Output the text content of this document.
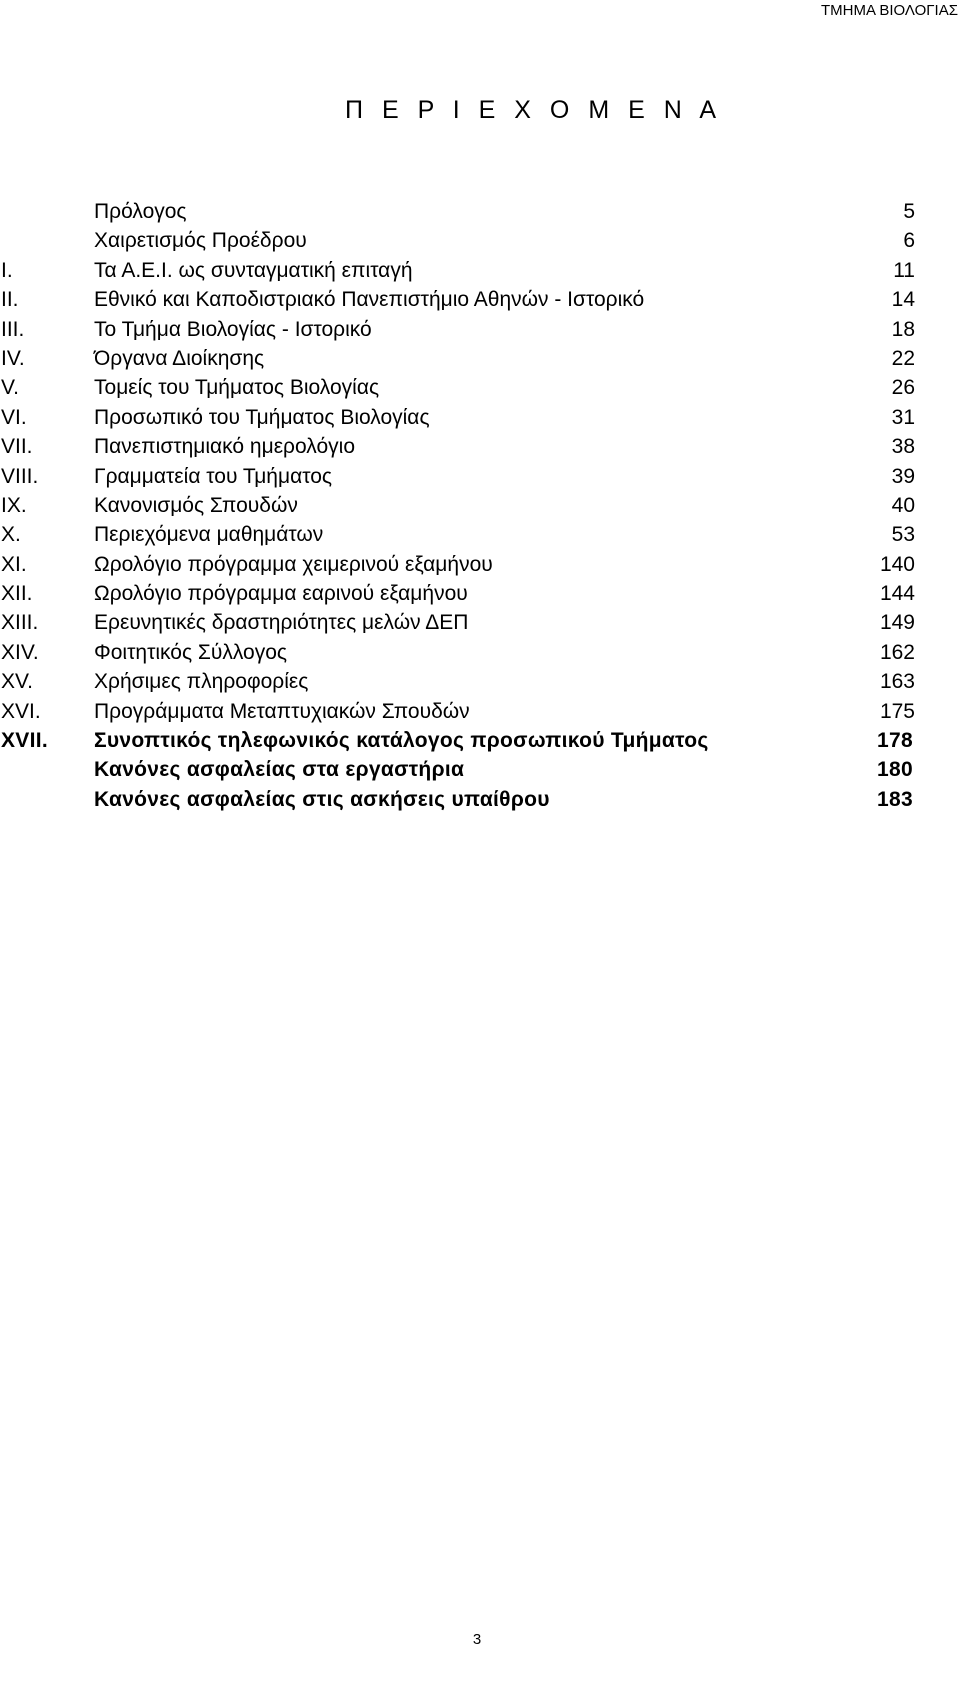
ΤΜΗΜΑ ΒΙΟΛΟΓΙΑΣ
Π Ε Ρ Ι Ε Χ Ο Μ Ε Ν Α
Πρόλογος	5
Χαιρετισμός Προέδρου	6
I.	Τα Α.Ε.Ι. ως συνταγματική επιταγή	11
II.	Εθνικό και Καποδιστριακό Πανεπιστήμιο Αθηνών - Ιστορικό	14
III.	Το Τμήμα Βιολογίας - Ιστορικό	18
IV.	Όργανα Διοίκησης	22
V.	Τομείς του Τμήματος Βιολογίας	26
VI.	Προσωπικό του Τμήματος Βιολογίας	31
VII.	Πανεπιστημιακό ημερολόγιο	38
VIII.	Γραμματεία του Τμήματος	39
IX.	Κανονισμός Σπουδών	40
X.	Περιεχόμενα μαθημάτων	53
XI.	Ωρολόγιο πρόγραμμα χειμερινού εξαμήνου	140
XII.	Ωρολόγιο πρόγραμμα εαρινού εξαμήνου	144
XIII.	Ερευνητικές δραστηριότητες μελών ΔΕΠ	149
XIV.	Φοιτητικός Σύλλογος	162
XV.	Χρήσιμες πληροφορίες	163
XVI.	Προγράμματα Μεταπτυχιακών Σπουδών	175
XVII. Συνοπτικός τηλεφωνικός κατάλογος προσωπικού Τμήματος	178
Κανόνες ασφαλείας στα εργαστήρια	180
Κανόνες ασφαλείας στις ασκήσεις υπαίθρου	183
3
